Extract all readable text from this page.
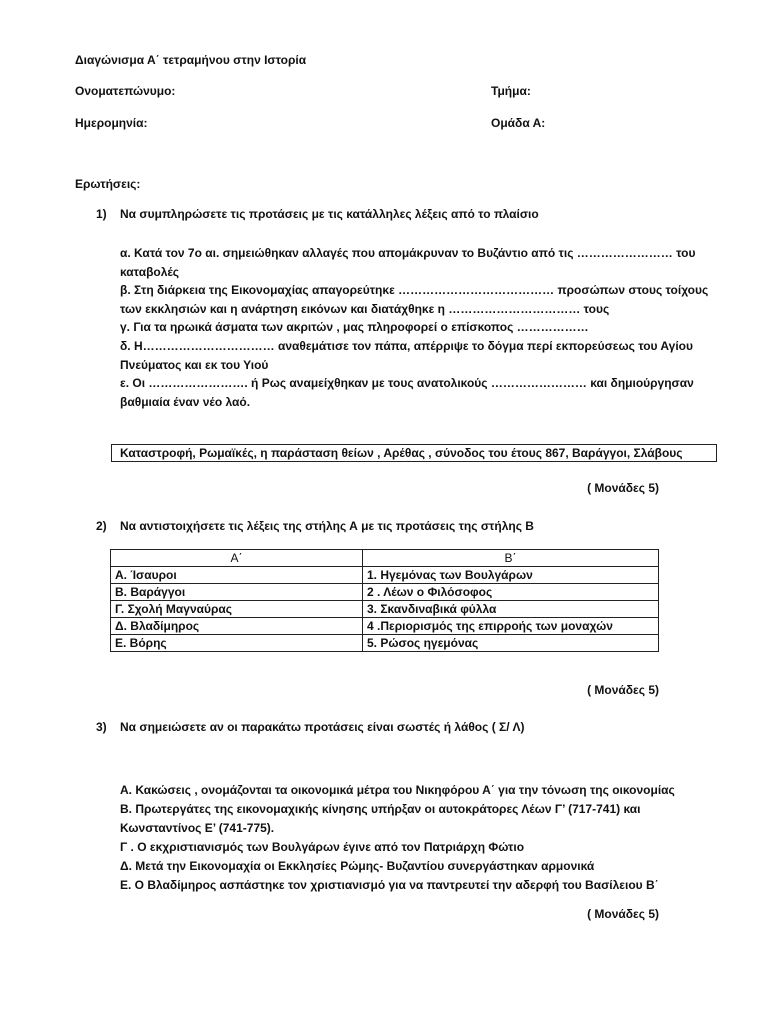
Διαγώνισμα Α΄ τετραμήνου στην Ιστορία
Ονοματεπώνυμο:	Τμήμα:
Ημερομηνία:	Ομάδα Α:
Ερωτήσεις:
1) Να συμπληρώσετε τις προτάσεις με τις κατάλληλες λέξεις από το πλαίσιο
α. Κατά τον 7ο αι. σημειώθηκαν αλλαγές που απομάκρυναν το Βυζάντιο από τις …………………… του
καταβολές
β. Στη διάρκεια της Εικονομαχίας απαγορεύτηκε ………………………………… προσώπων στους τοίχους
των εκκλησιών και η ανάρτηση εικόνων και διατάχθηκε η …………………………… τους
γ. Για τα ηρωικά άσματα των ακριτών , μας πληροφορεί ο επίσκοπος ………………
δ. Η…………………………… αναθεμάτισε τον πάπα, απέρριψε το δόγμα περί εκπορεύσεως του Αγίου
Πνεύματος και εκ του Υιού
ε. Οι ……………………. ή Ρως αναμείχθηκαν με τους ανατολικούς …………………… και δημιούργησαν
βαθμιαία έναν νέο λαό.
Καταστροφή, Ρωμαϊκές, η παράσταση θείων , Αρέθας , σύνοδος του έτους 867, Βαράγγοι, Σλάβους
( Μονάδες 5)
2) Να αντιστοιχήσετε τις λέξεις της στήλης Α με τις προτάσεις της στήλης Β
Α΄	Β΄
Α. Ίσαυροι	1. Ηγεμόνας των Βουλγάρων
Β. Βαράγγοι	2 . Λέων ο Φιλόσοφος
Γ. Σχολή Μαγναύρας	3. Σκανδιναβικά φύλλα
Δ. Βλαδίμηρος	4 .Περιορισμός της επιρροής των μοναχών
Ε. Βόρης	5. Ρώσος ηγεμόνας
( Μονάδες 5)
3) Να σημειώσετε αν οι παρακάτω προτάσεις είναι σωστές ή λάθος ( Σ/ Λ)
Α. Κακώσεις , ονομάζονται τα οικονομικά μέτρα του Νικηφόρου Α΄ για την τόνωση της οικονομίας
Β. Πρωτεργάτες της εικονομαχικής κίνησης υπήρξαν οι αυτοκράτορες Λέων Γ’ (717-741) και
Κωνσταντίνος Ε’ (741-775).
Γ . Ο εκχριστιανισμός των Βουλγάρων έγινε από τον Πατριάρχη Φώτιο
Δ. Μετά την Εικονομαχία οι Εκκλησίες Ρώμης- Βυζαντίου συνεργάστηκαν αρμονικά
Ε. Ο Βλαδίμηρος ασπάστηκε τον χριστιανισμό για να παντρευτεί την αδερφή του Βασίλειου Β΄
( Μονάδες 5)
